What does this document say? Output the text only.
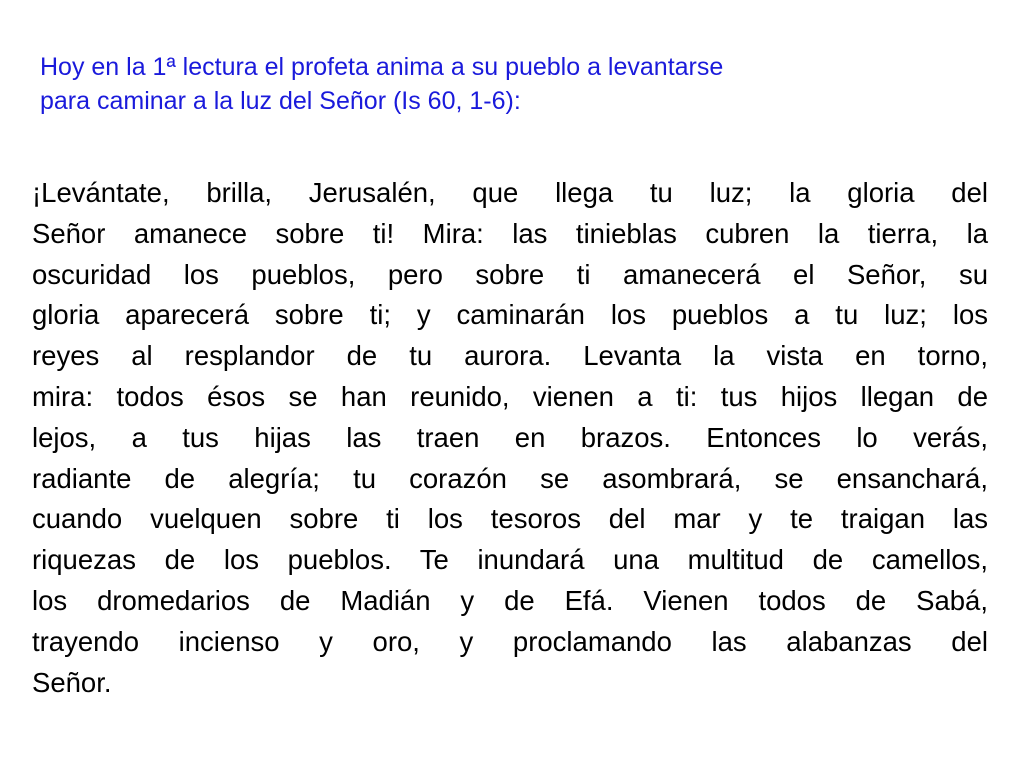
Hoy en la 1ª lectura el profeta anima a su pueblo a levantarse
para caminar a la luz del Señor (Is 60, 1-6):
¡Levántate, brilla, Jerusalén, que llega tu luz; la gloria del
Señor amanece sobre ti! Mira: las tinieblas cubren la tierra, la
oscuridad los pueblos, pero sobre ti amanecerá el Señor, su
gloria aparecerá sobre ti; y caminarán los pueblos a tu luz; los
reyes al resplandor de tu aurora. Levanta la vista en torno,
mira: todos ésos se han reunido, vienen a ti: tus hijos llegan de
lejos, a tus hijas las traen en brazos. Entonces lo verás,
radiante de alegría; tu corazón se asombrará, se ensanchará,
cuando vuelquen sobre ti los tesoros del mar y te traigan las
riquezas de los pueblos. Te inundará una multitud de camellos,
los dromedarios de Madián y de Efá. Vienen todos de Sabá,
trayendo incienso y oro, y proclamando las alabanzas del
Señor.
